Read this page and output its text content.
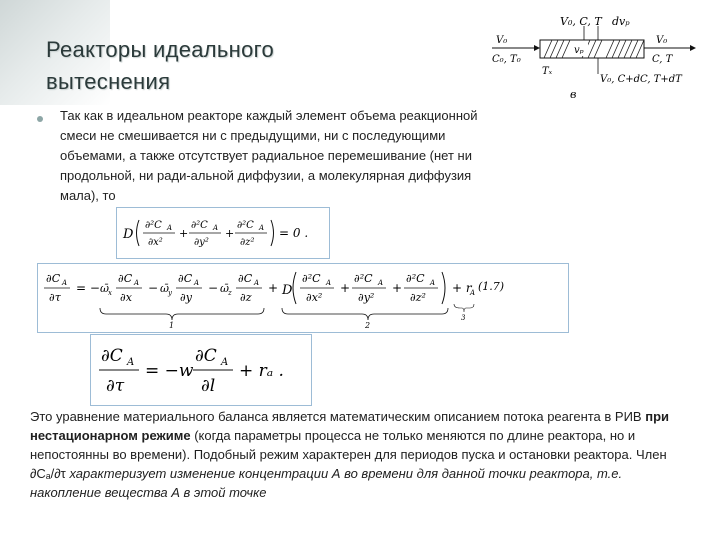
Реакторы идеального вытеснения
Так как в идеальном реакторе каждый элемент объема реакционной смеси не смешивается ни с предыдущими, ни с последующими объемами, а также отсутствует радиальное перемешивание (нет ни продольной, ни ради-альной диффузии, а молекулярная диффузия мала), то
V₀, C, T dvₚ
V₀
C₀, T₀
vₚ
V₀
C, T
Tₓ
V₀, C+dC, T+dT
в
D
∂²C A
∂x²
+
∂²C A
∂y²
+
∂²C A
∂z²
= 0 .
∂C A
∂τ
= − ω̄ x
∂C A
∂x
− ω̄ y
∂C A
∂y
− ω̄ z
∂C A
∂z
+ D
∂²C A
∂x²
+
∂²C A
∂y²
+
∂²C A
∂z²
+ r
A (1.7)
1	2
3
∂C A
∂τ
= −w
∂C A
∂l
+ rₐ .
Это уравнение материального баланса является математическим описанием потока реагента в РИВ при нестационарном режиме (когда параметры процесса не только меняются по длине реактора, но и непостоянны во времени). Подобный режим характерен для периодов пуска и остановки реактора. Член ∂Cₐ/∂τ характеризует изменение концентрации А во времени для данной точки реактора, т.е. накопление вещества А в этой точке
